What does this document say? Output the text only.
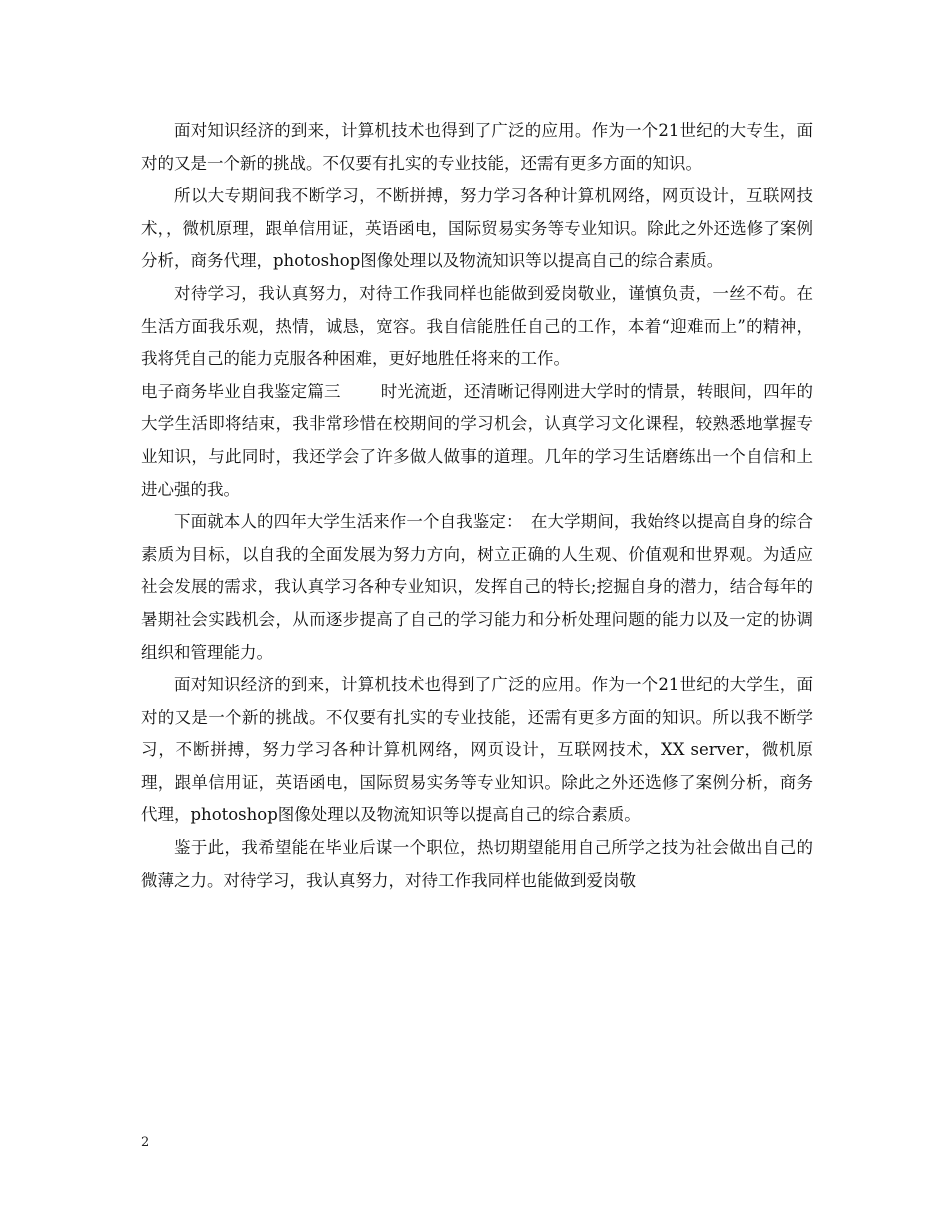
面对知识经济的到来，计算机技术也得到了广泛的应用。作为一个21世纪的大专生，面对的又是一个新的挑战。不仅要有扎实的专业技能，还需有更多方面的知识。

所以大专期间我不断学习，不断拼搏，努力学习各种计算机网络，网页设计，互联网技术，，微机原理，跟单信用证，英语函电，国际贸易实务等专业知识。除此之外还选修了案例分析，商务代理，photoshop图像处理以及物流知识等以提高自己的综合素质。

对待学习，我认真努力，对待工作我同样也能做到爱岗敬业，谨慎负责，一丝不苟。在生活方面我乐观，热情，诚恳，宽容。我自信能胜任自己的工作，本着“迎难而上”的精神，我将凭自己的能力克服各种困难，更好地胜任将来的工作。

电子商务毕业自我鉴定篇三 时光流逝，还清晰记得刚进大学时的情景，转眼间，四年的大学生活即将结束，我非常珍惜在校期间的学习机会，认真学习文化课程，较熟悉地掌握专业知识，与此同时，我还学会了许多做人做事的道理。几年的学习生话磨练出一个自信和上进心强的我。

下面就本人的四年大学生活来作一个自我鉴定：　在大学期间，我始终以提高自身的综合素质为目标，以自我的全面发展为努力方向，树立正确的人生观、价值观和世界观。为适应社会发展的需求，我认真学习各种专业知识，发挥自己的特长;挖掘自身的潜力，结合每年的暑期社会实践机会，从而逐步提高了自己的学习能力和分析处理问题的能力以及一定的协调组织和管理能力。

面对知识经济的到来，计算机技术也得到了广泛的应用。作为一个21世纪的大学生，面对的又是一个新的挑战。不仅要有扎实的专业技能，还需有更多方面的知识。所以我不断学习，不断拼搏，努力学习各种计算机网络，网页设计，互联网技术，XX server，微机原理，跟单信用证，英语函电，国际贸易实务等专业知识。除此之外还选修了案例分析，商务代理，photoshop图像处理以及物流知识等以提高自己的综合素质。

鉴于此，我希望能在毕业后谋一个职位，热切期望能用自己所学之技为社会做出自己的微薄之力。对待学习，我认真努力，对待工作我同样也能做到爱岗敬

2
